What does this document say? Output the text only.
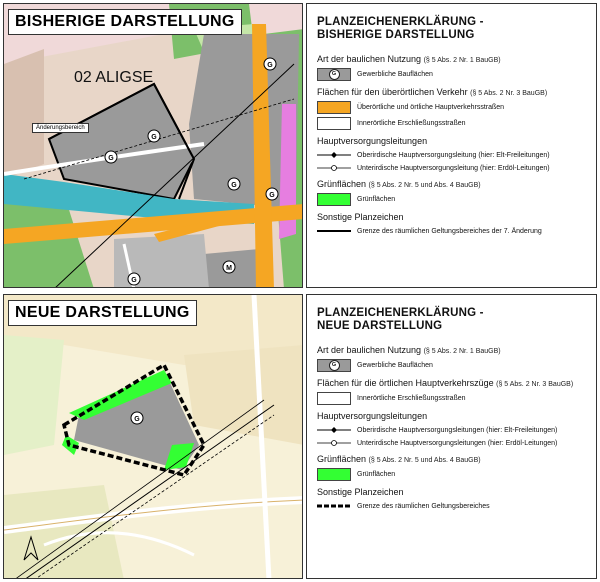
G
G
G
G
G
G
M
BISHERIGE DARSTELLUNG
02 ALIGSE
Änderungsbereich
PLANZEICHENERKLÄRUNG -
BISHERIGE DARSTELLUNG
Art der baulichen Nutzung (§ 5 Abs. 2 Nr. 1 BauGB)
G	Gewerbliche Bauflächen
Flächen für den überörtlichen Verkehr (§ 5 Abs. 2 Nr. 3 BauGB)
Überörtliche und örtliche Hauptverkehrsstraßen
Innerörtliche Erschließungsstraßen
Hauptversorgungsleitungen
Oberirdische Hauptversorgungsleitung (hier: Elt-Freileitungen)
Unterirdische Hauptversorgungsleitung (hier: Erdöl-Leitungen)
Grünflächen (§ 5 Abs. 2 Nr. 5 und Abs. 4 BauGB)
Grünflächen
Sonstige Planzeichen
Grenze des räumlichen Geltungsbereiches der 7. Änderung
G
NEUE DARSTELLUNG	PLANZEICHENERKLÄRUNG -
NEUE DARSTELLUNG
Art der baulichen Nutzung (§ 5 Abs. 2 Nr. 1 BauGB)
G	Gewerbliche Bauflächen
Flächen für die örtlichen Hauptverkehrszüge (§ 5 Abs. 2 Nr. 3 BauGB)
Innerörtliche Erschließungsstraßen
Hauptversorgungsleitungen
Oberirdische Hauptversorgungsleitungen (hier: Elt-Freileitungen)
Unterirdische Hauptversorgungsleitungen (hier: Erdöl-Leitungen)
Grünflächen (§ 5 Abs. 2 Nr. 5 und Abs. 4 BauGB)
Grünflächen
Sonstige Planzeichen
Grenze des räumlichen Geltungsbereiches
